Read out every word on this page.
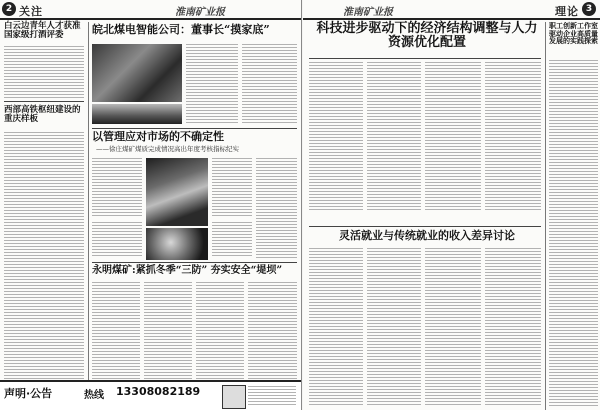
2 关注	淮南矿业报
白云边青年人才获准国家级打酒评委
西部高铁枢纽建设的重庆样板
皖北煤电智能公司：董事长“摸家底”
以管理应对市场的不确定性
——徐庄煤矿煤质完成情况高出年度考核指标纪实
永明煤矿:紧抓冬季“三防” 夯实安全“堤坝”
声明·公告	热线 13308082189
淮南矿业报	理论 3
科技进步驱动下的经济结构调整与人力资源优化配置
灵活就业与传统就业的收入差异讨论
职工创新工作室驱动企业高质量发展的实践探索
